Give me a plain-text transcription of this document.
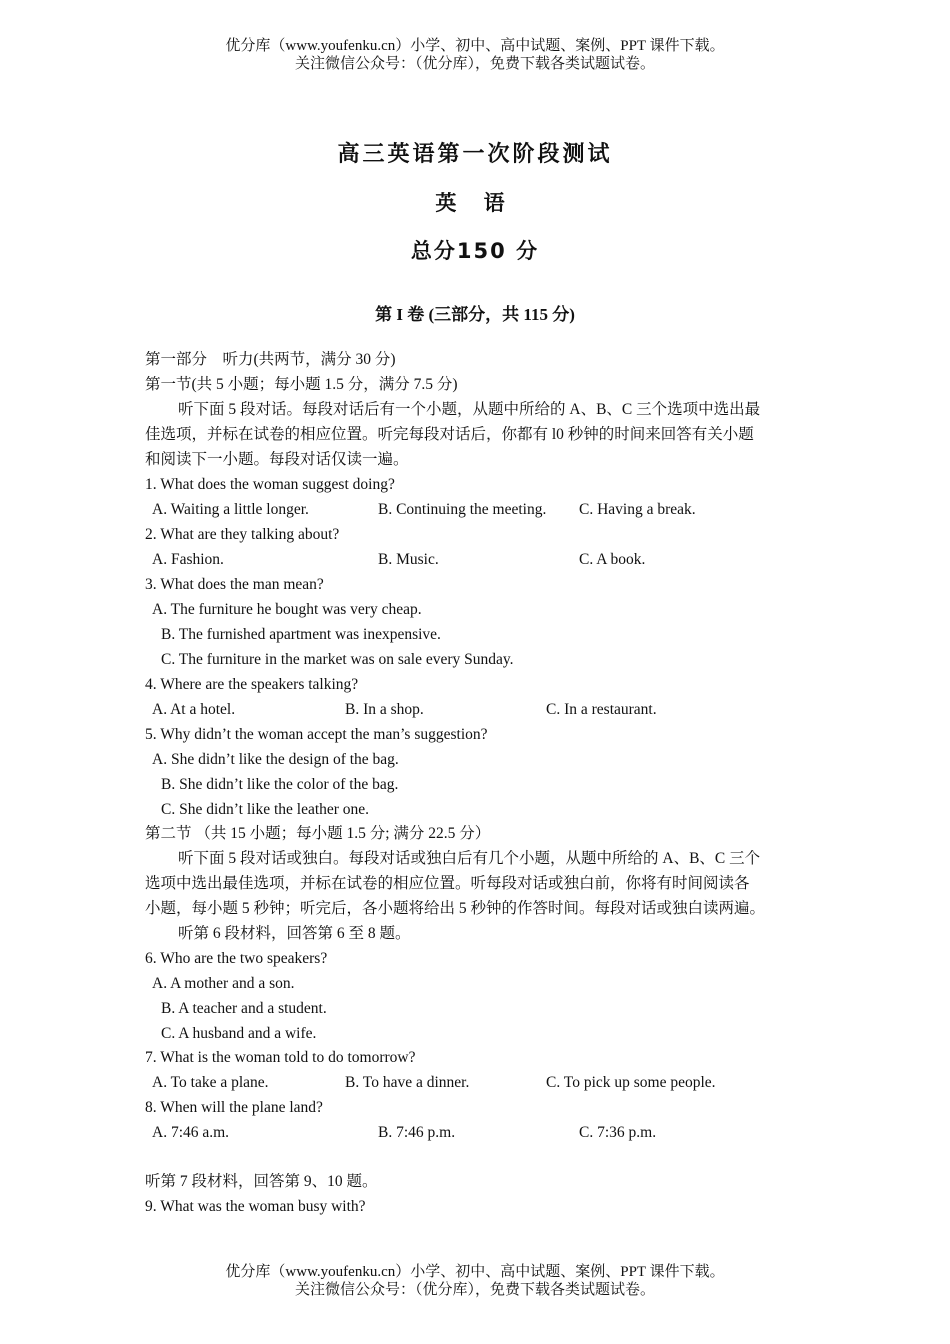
优分库（www.youfenku.cn）小学、初中、高中试题、案例、PPT 课件下载。
关注微信公众号：（优分库），免费下载各类试题试卷。
高三英语第一次阶段测试
英 语
总分150 分
第 I 卷 (三部分，共 115 分)
第一部分　听力(共两节，满分 30 分)
第一节(共 5 小题；每小题 1.5 分，满分 7.5 分)
听下面 5 段对话。每段对话后有一个小题，从题中所给的 A、B、C 三个选项中选出最
佳选项，并标在试卷的相应位置。听完每段对话后，你都有 l0 秒钟的时间来回答有关小题
和阅读下一小题。每段对话仅读一遍。
1. What does the woman suggest doing?
A. Waiting a little longer.	B. Continuing the meeting. C. Having a break.
2. What are they talking about?
A. Fashion.	B. Music.	C. A book.
3. What does the man mean?
A. The furniture he bought was very cheap.
B. The furnished apartment was inexpensive.
C. The furniture in the market was on sale every Sunday.
4. Where are the speakers talking?
A. At a hotel.	B. In a shop.	C. In a restaurant.
5. Why didn’t the woman accept the man’s suggestion?
A. She didn’t like the design of the bag.
B. She didn’t like the color of the bag.
C. She didn’t like the leather one.
第二节 （共 15 小题；每小题 1.5 分; 满分 22.5 分）
听下面 5 段对话或独白。每段对话或独白后有几个小题，从题中所给的 A、B、C 三个
选项中选出最佳选项，并标在试卷的相应位置。听每段对话或独白前，你将有时间阅读各
小题，每小题 5 秒钟；听完后，各小题将给出 5 秒钟的作答时间。每段对话或独白读两遍。
听第 6 段材料，回答第 6 至 8 题。
6. Who are the two speakers?
A. A mother and a son.
B. A teacher and a student.
C. A husband and a wife.
7. What is the woman told to do tomorrow?
A. To take a plane.	B. To have a dinner.	C. To pick up some people.
8. When will the plane land?
A. 7:46 a.m.	B. 7:46 p.m.	C. 7:36 p.m.
听第 7 段材料，回答第 9、10 题。
9. What was the woman busy with?
优分库（www.youfenku.cn）小学、初中、高中试题、案例、PPT 课件下载。
关注微信公众号：（优分库），免费下载各类试题试卷。
